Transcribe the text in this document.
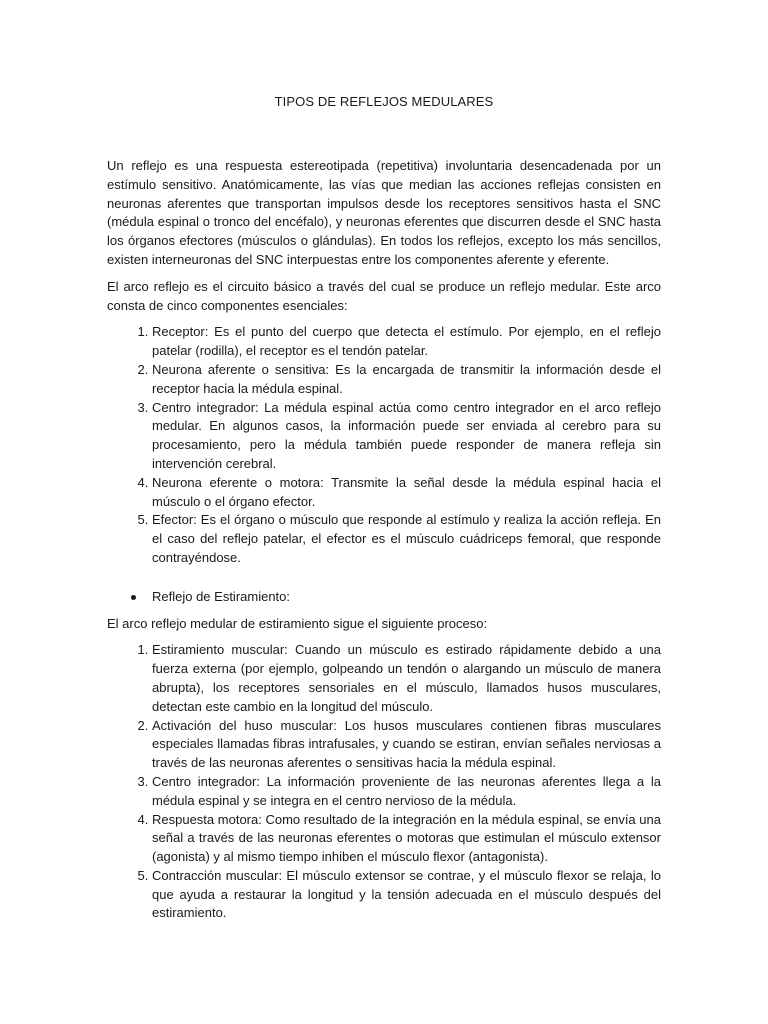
TIPOS DE REFLEJOS MEDULARES

Un reflejo es una respuesta estereotipada (repetitiva) involuntaria desencadenada por un estímulo sensitivo. Anatómicamente, las vías que median las acciones reflejas consisten en neuronas aferentes que transportan impulsos desde los receptores sensitivos hasta el SNC (médula espinal o tronco del encéfalo), y neuronas eferentes que discurren desde el SNC hasta los órganos efectores (músculos o glándulas). En todos los reflejos, excepto los más sencillos, existen interneuronas del SNC interpuestas entre los componentes aferente y eferente.

El arco reflejo es el circuito básico a través del cual se produce un reflejo medular. Este arco consta de cinco componentes esenciales:

1. Receptor: Es el punto del cuerpo que detecta el estímulo. Por ejemplo, en el reflejo patelar (rodilla), el receptor es el tendón patelar.
2. Neurona aferente o sensitiva: Es la encargada de transmitir la información desde el receptor hacia la médula espinal.
3. Centro integrador: La médula espinal actúa como centro integrador en el arco reflejo medular. En algunos casos, la información puede ser enviada al cerebro para su procesamiento, pero la médula también puede responder de manera refleja sin intervención cerebral.
4. Neurona eferente o motora: Transmite la señal desde la médula espinal hacia el músculo o el órgano efector.
5. Efector: Es el órgano o músculo que responde al estímulo y realiza la acción refleja. En el caso del reflejo patelar, el efector es el músculo cuádriceps femoral, que responde contrayéndose.
Reflejo de Estiramiento:

El arco reflejo medular de estiramiento sigue el siguiente proceso:

1. Estiramiento muscular: Cuando un músculo es estirado rápidamente debido a una fuerza externa (por ejemplo, golpeando un tendón o alargando un músculo de manera abrupta), los receptores sensoriales en el músculo, llamados husos musculares, detectan este cambio en la longitud del músculo.
2. Activación del huso muscular: Los husos musculares contienen fibras musculares especiales llamadas fibras intrafusales, y cuando se estiran, envían señales nerviosas a través de las neuronas aferentes o sensitivas hacia la médula espinal.
3. Centro integrador: La información proveniente de las neuronas aferentes llega a la médula espinal y se integra en el centro nervioso de la médula.
4. Respuesta motora: Como resultado de la integración en la médula espinal, se envía una señal a través de las neuronas eferentes o motoras que estimulan el músculo extensor (agonista) y al mismo tiempo inhiben el músculo flexor (antagonista).
5. Contracción muscular: El músculo extensor se contrae, y el músculo flexor se relaja, lo que ayuda a restaurar la longitud y la tensión adecuada en el músculo después del estiramiento.
